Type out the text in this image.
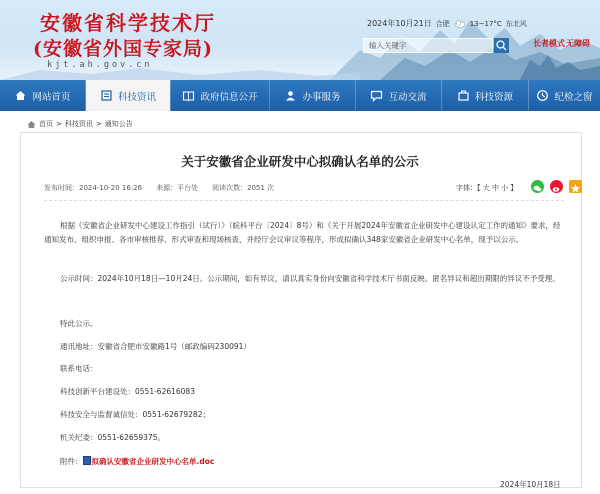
安徽省科学技术厅
(安徽省外国专家局)
kjt.ah.gov.cn
2024年10月21日 合肥	13~17°C 东北风
输入关键字	长者模式 无障碍
网站首页	科技资讯	政府信息公开	办事服务	互动交流	科技资源	纪检之窗
首页 > 科技资讯 > 通知公告
关于安徽省企业研发中心拟确认名单的公示
发布时间：2024-10-20 16:26 来源：平台处 阅读次数：2051 次	字体：【 大 中 小 】
根据《安徽省企业研发中心建设工作指引（试行）》（皖科平台〔2024〕8号）和《关于开展2024年安徽省企业研发中心建设认定工作的通知》要求，经通知发布、组织申报、各市审核推荐、形式审查和现场核查，并经厅会议审议等程序，形成拟确认348家安徽省企业研发中心名单，现予以公示。
公示时间：2024年10月18日—10月24日。公示期间，如有异议，请以真实身份向安徽省科学技术厅书面反映。匿名异议和超出期限的异议不予受理。
特此公示。
通讯地址：安徽省合肥市安徽路1号（邮政编码230091）
联系电话：
科技创新平台建设处：0551-62616083
科技安全与监督诚信处：0551-62679282；
机关纪委：0551-62659375。
附件： 拟确认安徽省企业研发中心名单.doc
2024年10月18日
